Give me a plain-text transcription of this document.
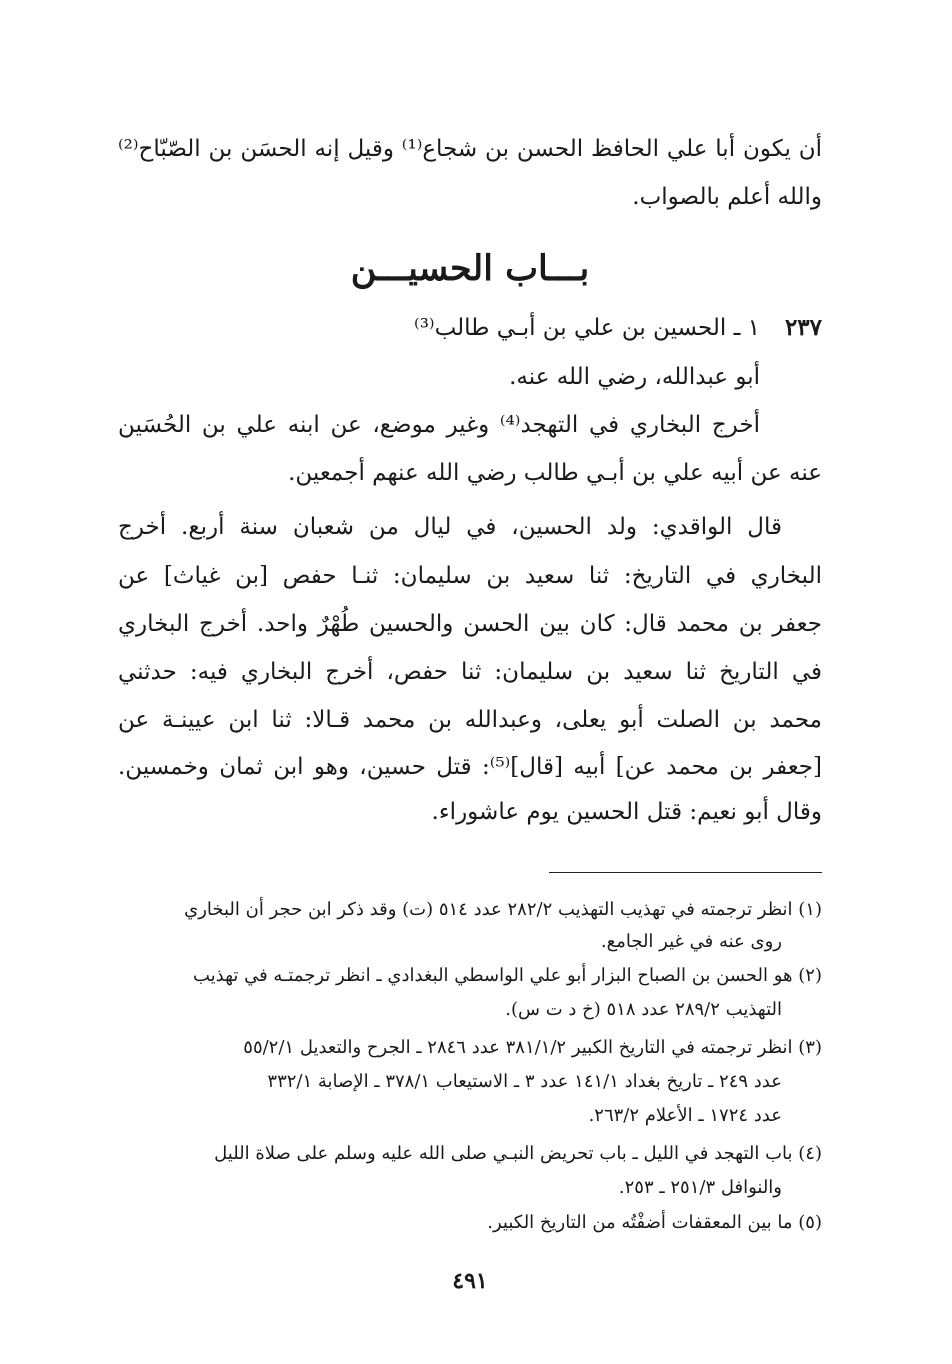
أن يكون أبا علي الحافظ الحسن بن شجاع⁽¹⁾ وقيل إنه الحسَن بن الصّبّاح⁽²⁾
والله أعلم بالصواب.
بـــاب الحسيـــن
٢٣٧
١ ـ الحسين بن علي بن أبـي طالب⁽³⁾
أبو عبدالله، رضي الله عنه.
أخرج البخاري في التهجد⁽⁴⁾ وغير موضع، عن ابنه علي بن الحُسَين
عنه عن أبيه علي بن أبـي طالب رضي الله عنهم أجمعين.
قال الواقدي: ولد الحسين، في ليال من شعبان سنة أربع. أخرج
البخاري في التاريخ: ثنا سعيد بن سليمان: ثنـا حفص [بن غياث] عن
جعفر بن محمد قال: كان بين الحسن والحسين طُهْرٌ واحد. أخرج البخاري
في التاريخ ثنا سعيد بن سليمان: ثنا حفص، أخرج البخاري فيه: حدثني
محمد بن الصلت أبو يعلى، وعبدالله بن محمد قـالا: ثنا ابن عيينـة عن
[جعفر بن محمد عن] أبيه [قال]⁽⁵⁾: قتل حسين، وهو ابن ثمان وخمسين.
وقال أبو نعيم: قتل الحسين يوم عاشوراء.
(١) انظر ترجمته في تهذيب التهذيب ٢٨٢/٢ عدد ٥١٤ (ت) وقد ذكر ابن حجر أن البخاري
روى عنه في غير الجامع.
(٢) هو الحسن بن الصباح البزار أبو علي الواسطي البغدادي ـ انظر ترجمتـه في تهذيب
التهذيب ٢٨٩/٢ عدد ٥١٨ (خ د ت س).
(٣) انظر ترجمته في التاريخ الكبير ٣٨١/١/٢ عدد ٢٨٤٦ ـ الجرح والتعديل ٥٥/٢/١
عدد ٢٤٩ ـ تاريخ بغداد ١٤١/١ عدد ٣ ـ الاستيعاب ٣٧٨/١ ـ الإصابة ٣٣٢/١
عدد ١٧٢٤ ـ الأعلام ٢٦٣/٢.
(٤) باب التهجد في الليل ـ باب تحريض النبـي صلى الله عليه وسلم على صلاة الليل
والنوافل ٢٥١/٣ ـ ٢٥٣.
(٥) ما بين المعقفات أضفْتُه من التاريخ الكبير.
٤٩١
